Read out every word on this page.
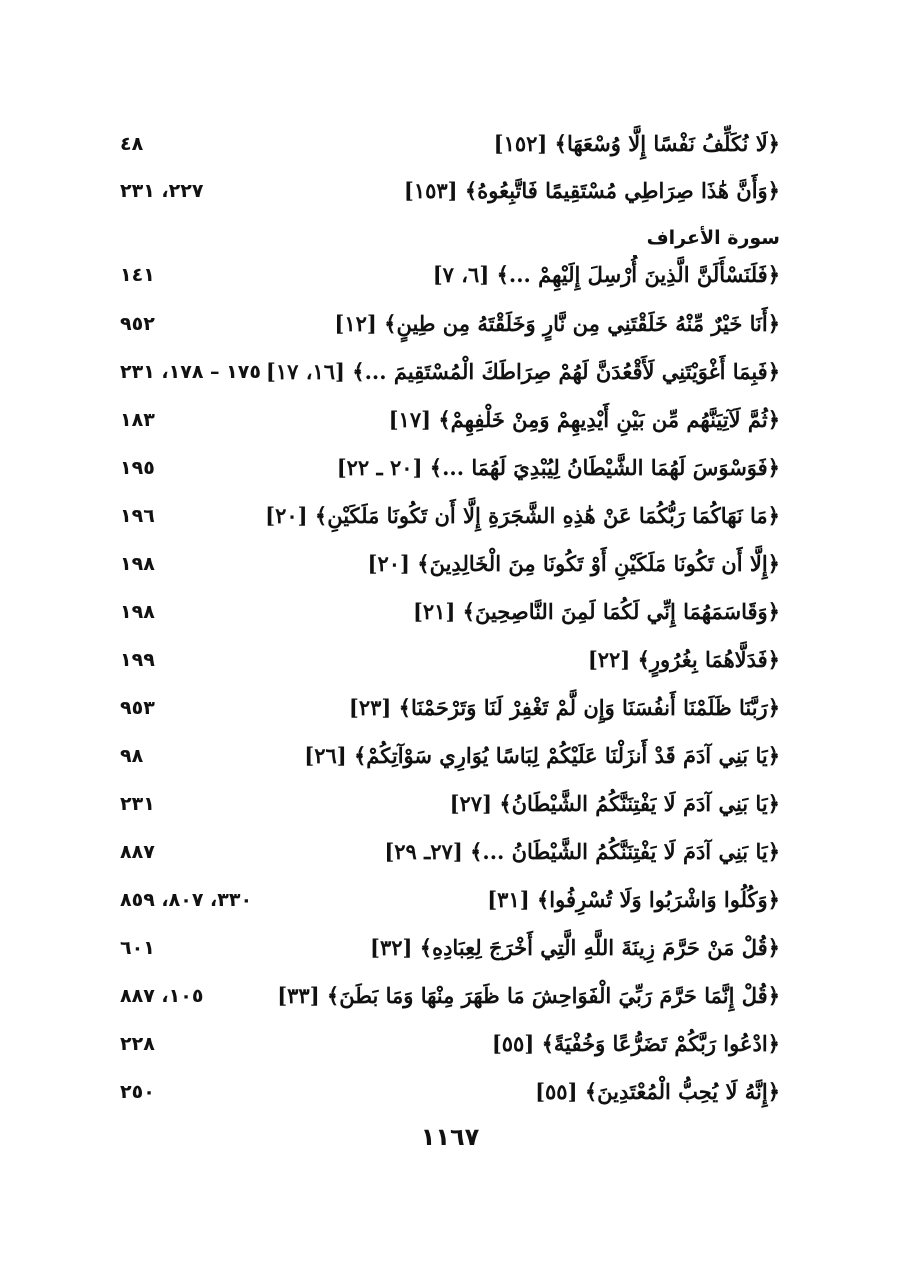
﴿لَا نُكَلِّفُ نَفْسًا إِلَّا وُسْعَهَا﴾ [١٥٢]
٤٨
﴿وَأَنَّ هَٰذَا صِرَاطِي مُسْتَقِيمًا فَاتَّبِعُوهُ﴾ [١٥٣]
٢٢٧، ٢٣١
سورة الأعراف
﴿فَلَنَسْأَلَنَّ الَّذِينَ أُرْسِلَ إِلَيْهِمْ ...﴾ [٦، ٧]
١٤١
﴿أَنَا خَيْرٌ مِّنْهُ خَلَقْتَنِي مِن نَّارٍ وَخَلَقْتَهُ مِن طِينٍ﴾ [١٢]
٩٥٢
﴿فَبِمَا أَغْوَيْتَنِي لَأَقْعُدَنَّ لَهُمْ صِرَاطَكَ الْمُسْتَقِيمَ ...﴾ [١٦، ١٧]
١٧٥ – ١٧٨، ٢٣١
﴿ثُمَّ لَآتِيَنَّهُم مِّن بَيْنِ أَيْدِيهِمْ وَمِنْ خَلْفِهِمْ﴾ [١٧]
١٨٣
﴿فَوَسْوَسَ لَهُمَا الشَّيْطَانُ لِيُبْدِيَ لَهُمَا ...﴾ [٢٠ ـ ٢٢]
١٩٥
﴿مَا نَهَاكُمَا رَبُّكُمَا عَنْ هَٰذِهِ الشَّجَرَةِ إِلَّا أَن تَكُونَا مَلَكَيْنِ﴾ [٢٠]
١٩٦
﴿إِلَّا أَن تَكُونَا مَلَكَيْنِ أَوْ تَكُونَا مِنَ الْخَالِدِينَ﴾ [٢٠]
١٩٨
﴿وَقَاسَمَهُمَا إِنِّي لَكُمَا لَمِنَ النَّاصِحِينَ﴾ [٢١]
١٩٨
﴿فَدَلَّاهُمَا بِغُرُورٍ﴾ [٢٢]
١٩٩
﴿رَبَّنَا ظَلَمْنَا أَنفُسَنَا وَإِن لَّمْ تَغْفِرْ لَنَا وَتَرْحَمْنَا﴾ [٢٣]
٩٥٣
﴿يَا بَنِي آدَمَ قَدْ أَنزَلْنَا عَلَيْكُمْ لِبَاسًا يُوَارِي سَوْآتِكُمْ﴾ [٢٦]
٩٨
﴿يَا بَنِي آدَمَ لَا يَفْتِنَنَّكُمُ الشَّيْطَانُ﴾ [٢٧]
٢٣١
﴿يَا بَنِي آدَمَ لَا يَفْتِنَنَّكُمُ الشَّيْطَانُ ...﴾ [٢٧ـ ٢٩]
٨٨٧
﴿وَكُلُوا وَاشْرَبُوا وَلَا تُسْرِفُوا﴾ [٣١]
٣٣٠، ٨٠٧، ٨٥٩
﴿قُلْ مَنْ حَرَّمَ زِينَةَ اللَّهِ الَّتِي أَخْرَجَ لِعِبَادِهِ﴾ [٣٢]
٦٠١
﴿قُلْ إِنَّمَا حَرَّمَ رَبِّيَ الْفَوَاحِشَ مَا ظَهَرَ مِنْهَا وَمَا بَطَنَ﴾ [٣٣]
١٠٥، ٨٨٧
﴿ادْعُوا رَبَّكُمْ تَضَرُّعًا وَخُفْيَةً﴾ [٥٥]
٢٢٨
﴿إِنَّهُ لَا يُحِبُّ الْمُعْتَدِينَ﴾ [٥٥]
٢٥٠
١١٦٧
